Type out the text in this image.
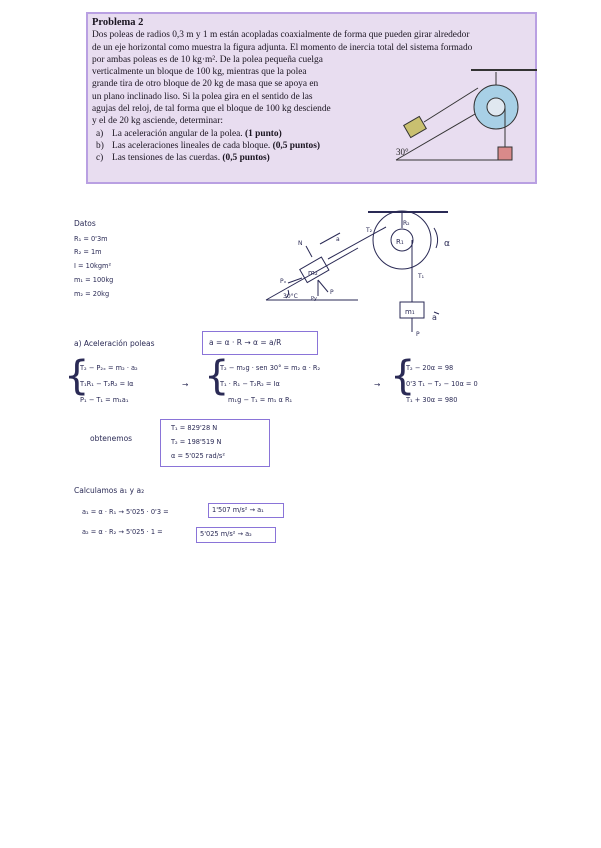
Problema 2
Dos poleas de radios 0,3 m y 1 m están acopladas coaxialmente de forma que pueden girar alrededor
de un eje horizontal como muestra la figura adjunta. El momento de inercia total del sistema formado
por ambas poleas es de 10 kg·m². De la polea pequeña cuelga
verticalmente un bloque de 100 kg, mientras que la polea
grande tira de otro bloque de 20 kg de masa que se apoya en
un plano inclinado liso. Si la polea gira en el sentido de las
agujas del reloj, de tal forma que el bloque de 100 kg desciende
y el de 20 kg asciende, determinar:
a) La aceleración angular de la polea. (1 punto)
b) Las aceleraciones lineales de cada bloque. (0,5 puntos)
c) Las tensiones de las cuerdas. (0,5 puntos)
30°
Datos
R₁ = 0'3m
R₂ = 1m
I = 10kgm²
m₁ = 100kg
m₂ = 20kg
R₁
R₂
α
T₂
T₁
m₁
m₂
a
a
P
Pₓ
Py
P
N
30°C
a) Aceleración poleas	a = α · R → α = a/R
{
T₂ − P₂ₓ = m₂ · a₂
T₁R₁ − T₂R₂ = Iα
P₁ − T₁ = m₁a₁
→ {
T₂ − m₂g · sen 30° = m₂ α · R₂
T₁ · R₁ − T₂R₂ = Iα
m₁g − T₁ = m₁ α R₁
→ {
T₂ − 20α = 98
0'3 T₁ − T₂ − 10α = 0
T₁ + 30α = 980
obtenemos
T₁ = 829'28 N
T₂ = 198'519 N
α = 5'025 rad/s²
Calculamos a₁ y a₂
a₁ = α · R₁ → 5'025 · 0'3 =	1'507 m/s² → a₁
a₂ = α · R₂ → 5'025 · 1 =	5'025 m/s² → a₂
